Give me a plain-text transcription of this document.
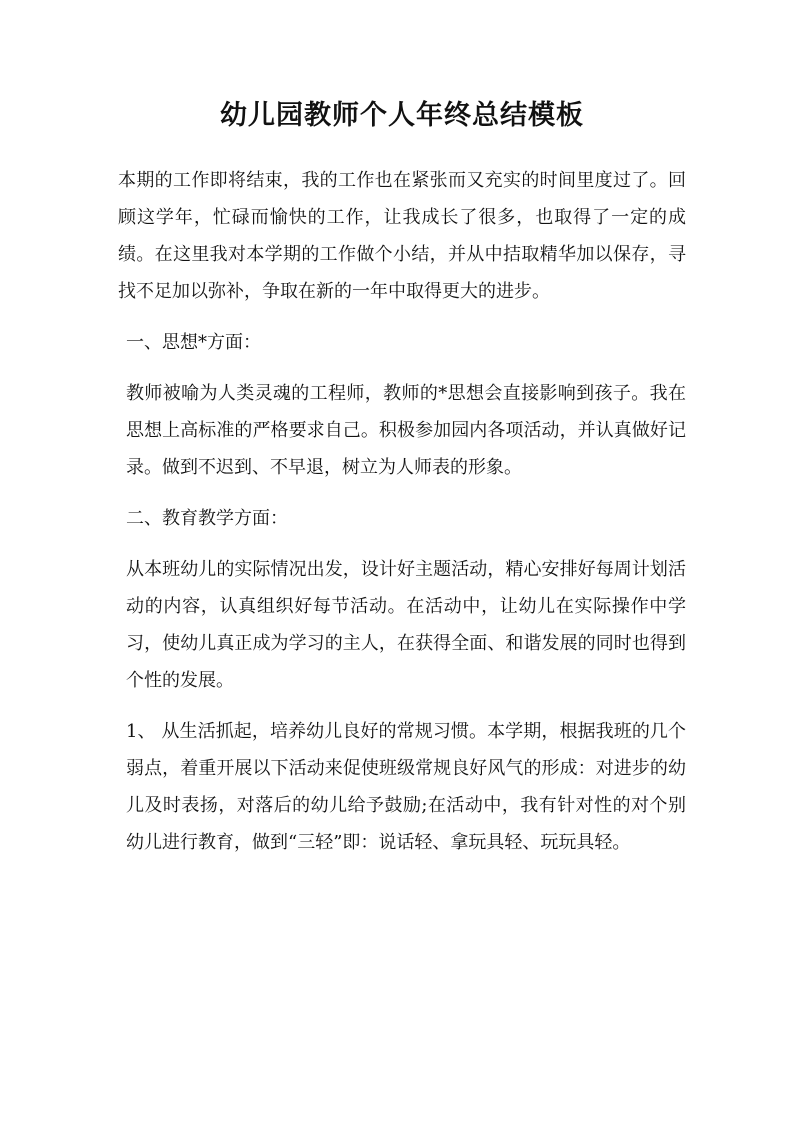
幼儿园教师个人年终总结模板

本期的工作即将结束，我的工作也在紧张而又充实的时间里度过了。回顾这学年，忙碌而愉快的工作，让我成长了很多，也取得了一定的成绩。在这里我对本学期的工作做个小结，并从中拮取精华加以保存，寻找不足加以弥补，争取在新的一年中取得更大的进步。

一、思想*方面：

教师被喻为人类灵魂的工程师，教师的*思想会直接影响到孩子。我在思想上高标准的严格要求自己。积极参加园内各项活动，并认真做好记录。做到不迟到、不早退，树立为人师表的形象。

二、教育教学方面：

从本班幼儿的实际情况出发，设计好主题活动，精心安排好每周计划活动的内容，认真组织好每节活动。在活动中，让幼儿在实际操作中学习，使幼儿真正成为学习的主人，在获得全面、和谐发展的同时也得到个性的发展。

1、 从生活抓起，培养幼儿良好的常规习惯。本学期，根据我班的几个弱点，着重开展以下活动来促使班级常规良好风气的形成：对进步的幼儿及时表扬，对落后的幼儿给予鼓励;在活动中，我有针对性的对个别幼儿进行教育，做到“三轻”即：说话轻、拿玩具轻、玩玩具轻。
